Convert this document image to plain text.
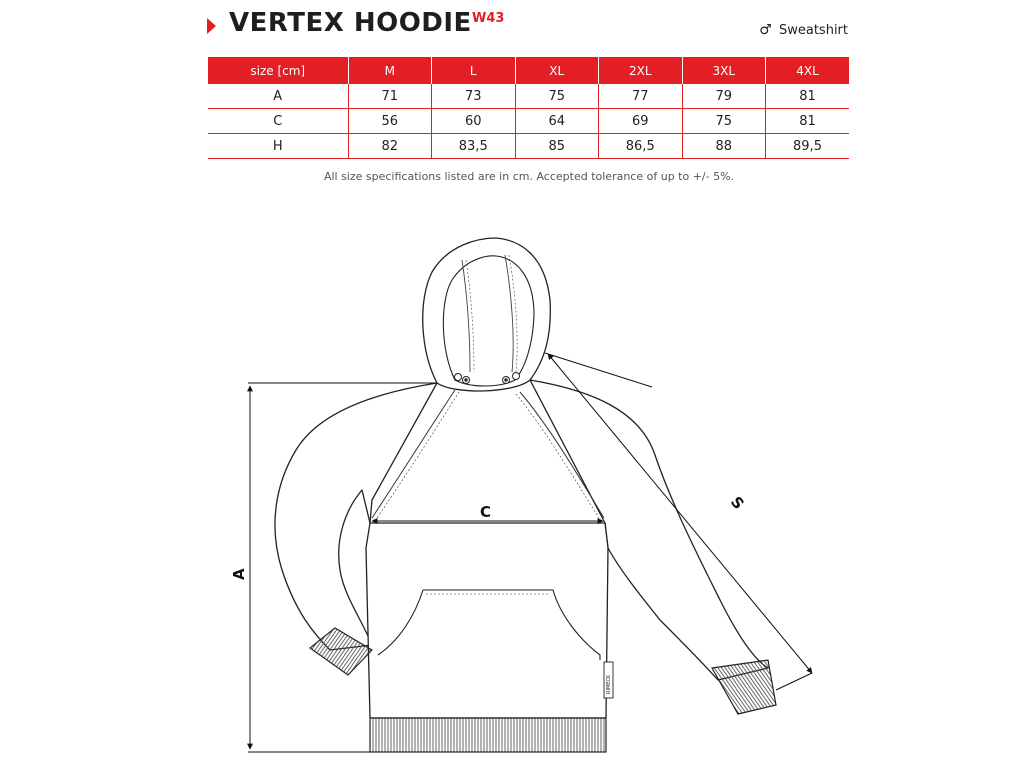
VERTEX HOODIE W43
♂ Sweatshirt
size [cm]	M	L	XL	2XL	3XL	4XL
A	71	73	75	77	79	81
C	56	60	64	69	75	81
H	82	83,5	85	86,5	88	89,5
All size specifications listed are in cm. Accepted tolerance of up to +/- 5%.
RIMECK
A
C	S
